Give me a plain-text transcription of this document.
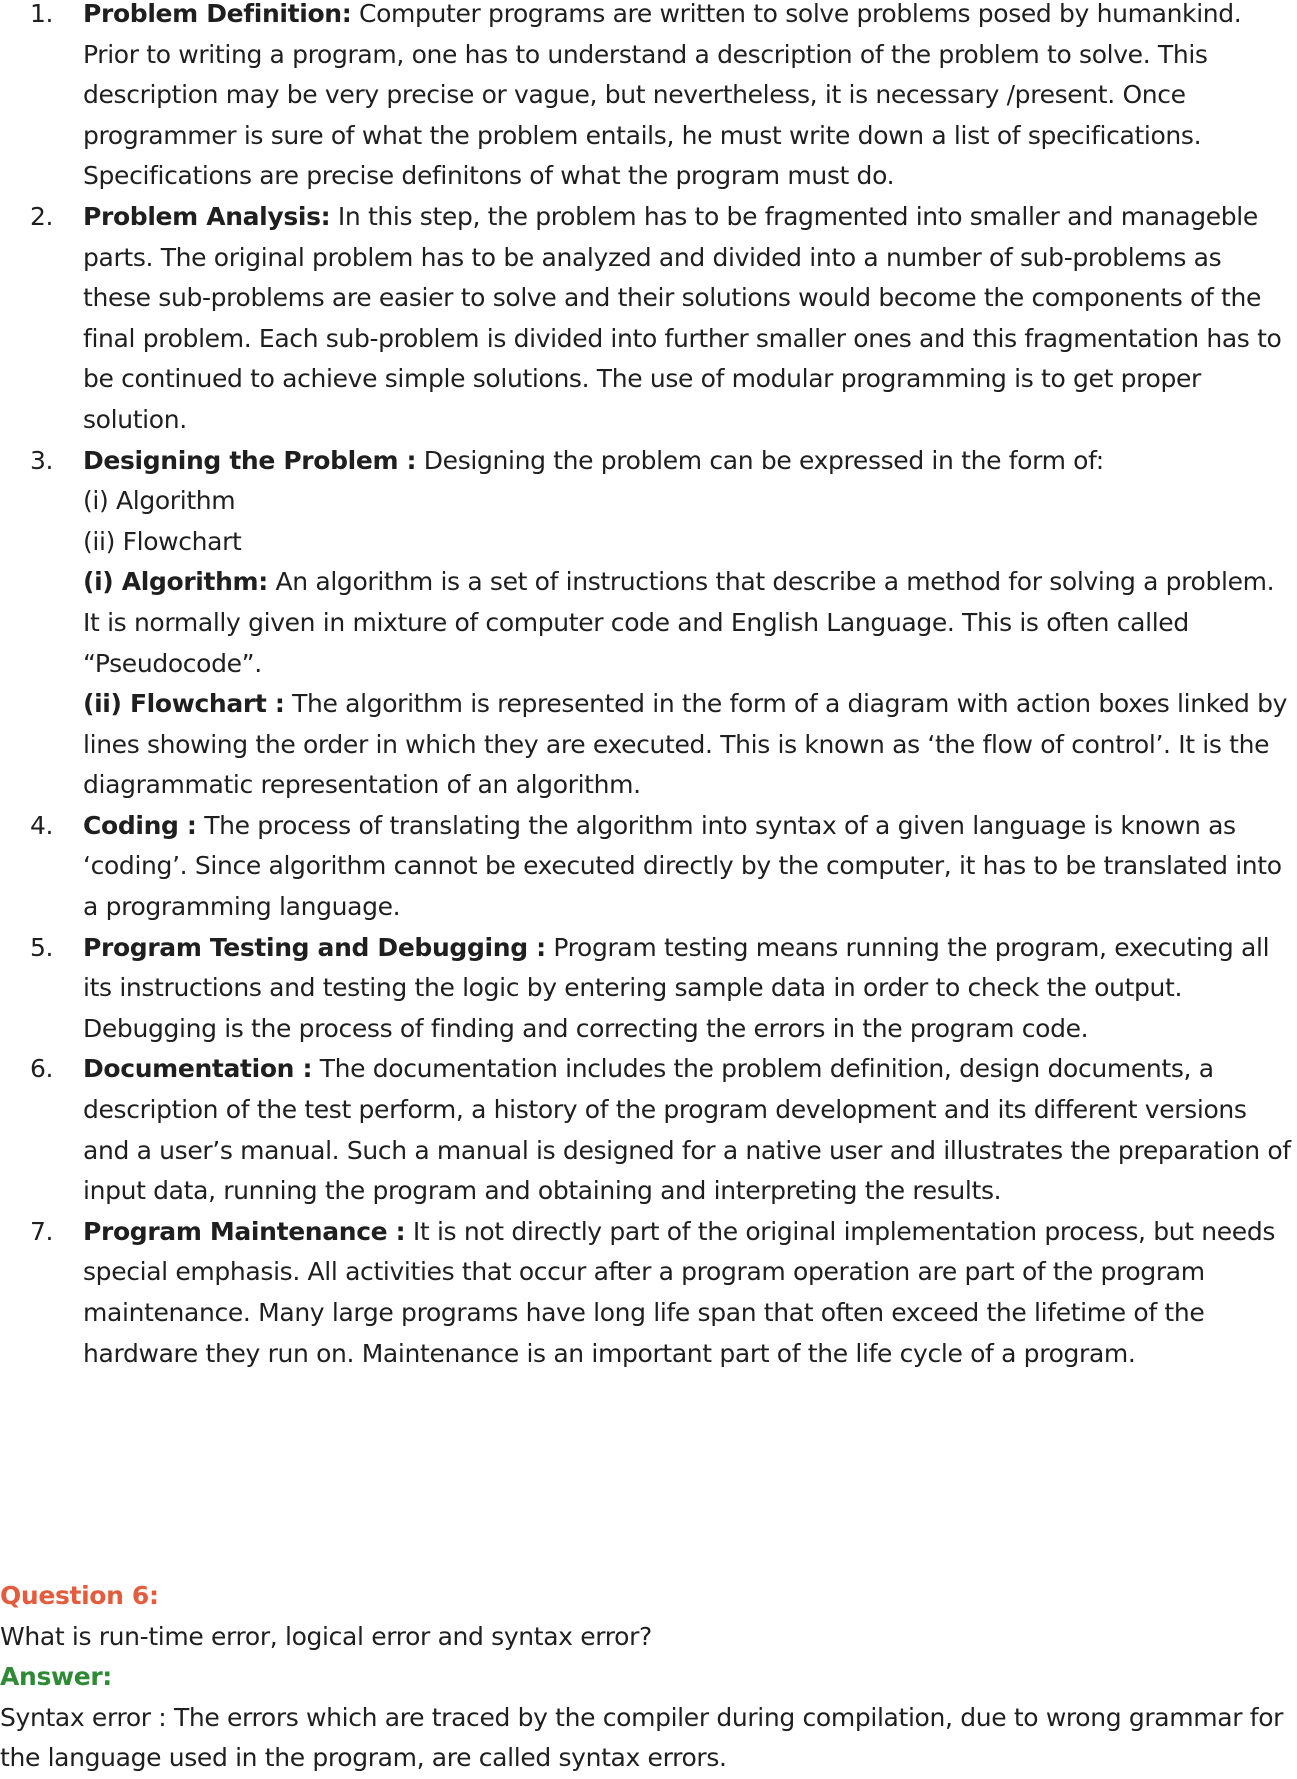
1. Problem Definition: Computer programs are written to solve problems posed by humankind. Prior to writing a program, one has to understand a description of the problem to solve. This description may be very precise or vague, but nevertheless, it is necessary /present. Once programmer is sure of what the problem entails, he must write down a list of specifications. Specifications are precise definitons of what the program must do.
2. Problem Analysis: In this step, the problem has to be fragmented into smaller and manageble parts. The original problem has to be analyzed and divided into a number of sub-problems as these sub-problems are easier to solve and their solutions would become the components of the final problem. Each sub-problem is divided into further smaller ones and this fragmentation has to be continued to achieve simple solutions. The use of modular programming is to get proper solution.
3. Designing the Problem : Designing the problem can be expressed in the form of:
(i) Algorithm
(ii) Flowchart
(i) Algorithm: An algorithm is a set of instructions that describe a method for solving a problem. It is normally given in mixture of computer code and English Language. This is often called “Pseudocode”.
(ii) Flowchart : The algorithm is represented in the form of a diagram with action boxes linked by lines showing the order in which they are executed. This is known as ‘the flow of control’. It is the diagrammatic representation of an algorithm.
4. Coding : The process of translating the algorithm into syntax of a given language is known as ‘coding’. Since algorithm cannot be executed directly by the computer, it has to be translated into a programming language.
5. Program Testing and Debugging : Program testing means running the program, executing all its instructions and testing the logic by entering sample data in order to check the output. Debugging is the process of finding and correcting the errors in the program code.
6. Documentation : The documentation includes the problem definition, design documents, a description of the test perform, a history of the program development and its different versions and a user’s manual. Such a manual is designed for a native user and illustrates the preparation of input data, running the program and obtaining and interpreting the results.
7. Program Maintenance : It is not directly part of the original implementation process, but needs special emphasis. All activities that occur after a program operation are part of the program maintenance. Many large programs have long life span that often exceed the lifetime of the hardware they run on. Maintenance is an important part of the life cycle of a program.
Question 6:
What is run-time error, logical error and syntax error?
Answer:
Syntax error : The errors which are traced by the compiler during compilation, due to wrong grammar for the language used in the program, are called syntax errors.
